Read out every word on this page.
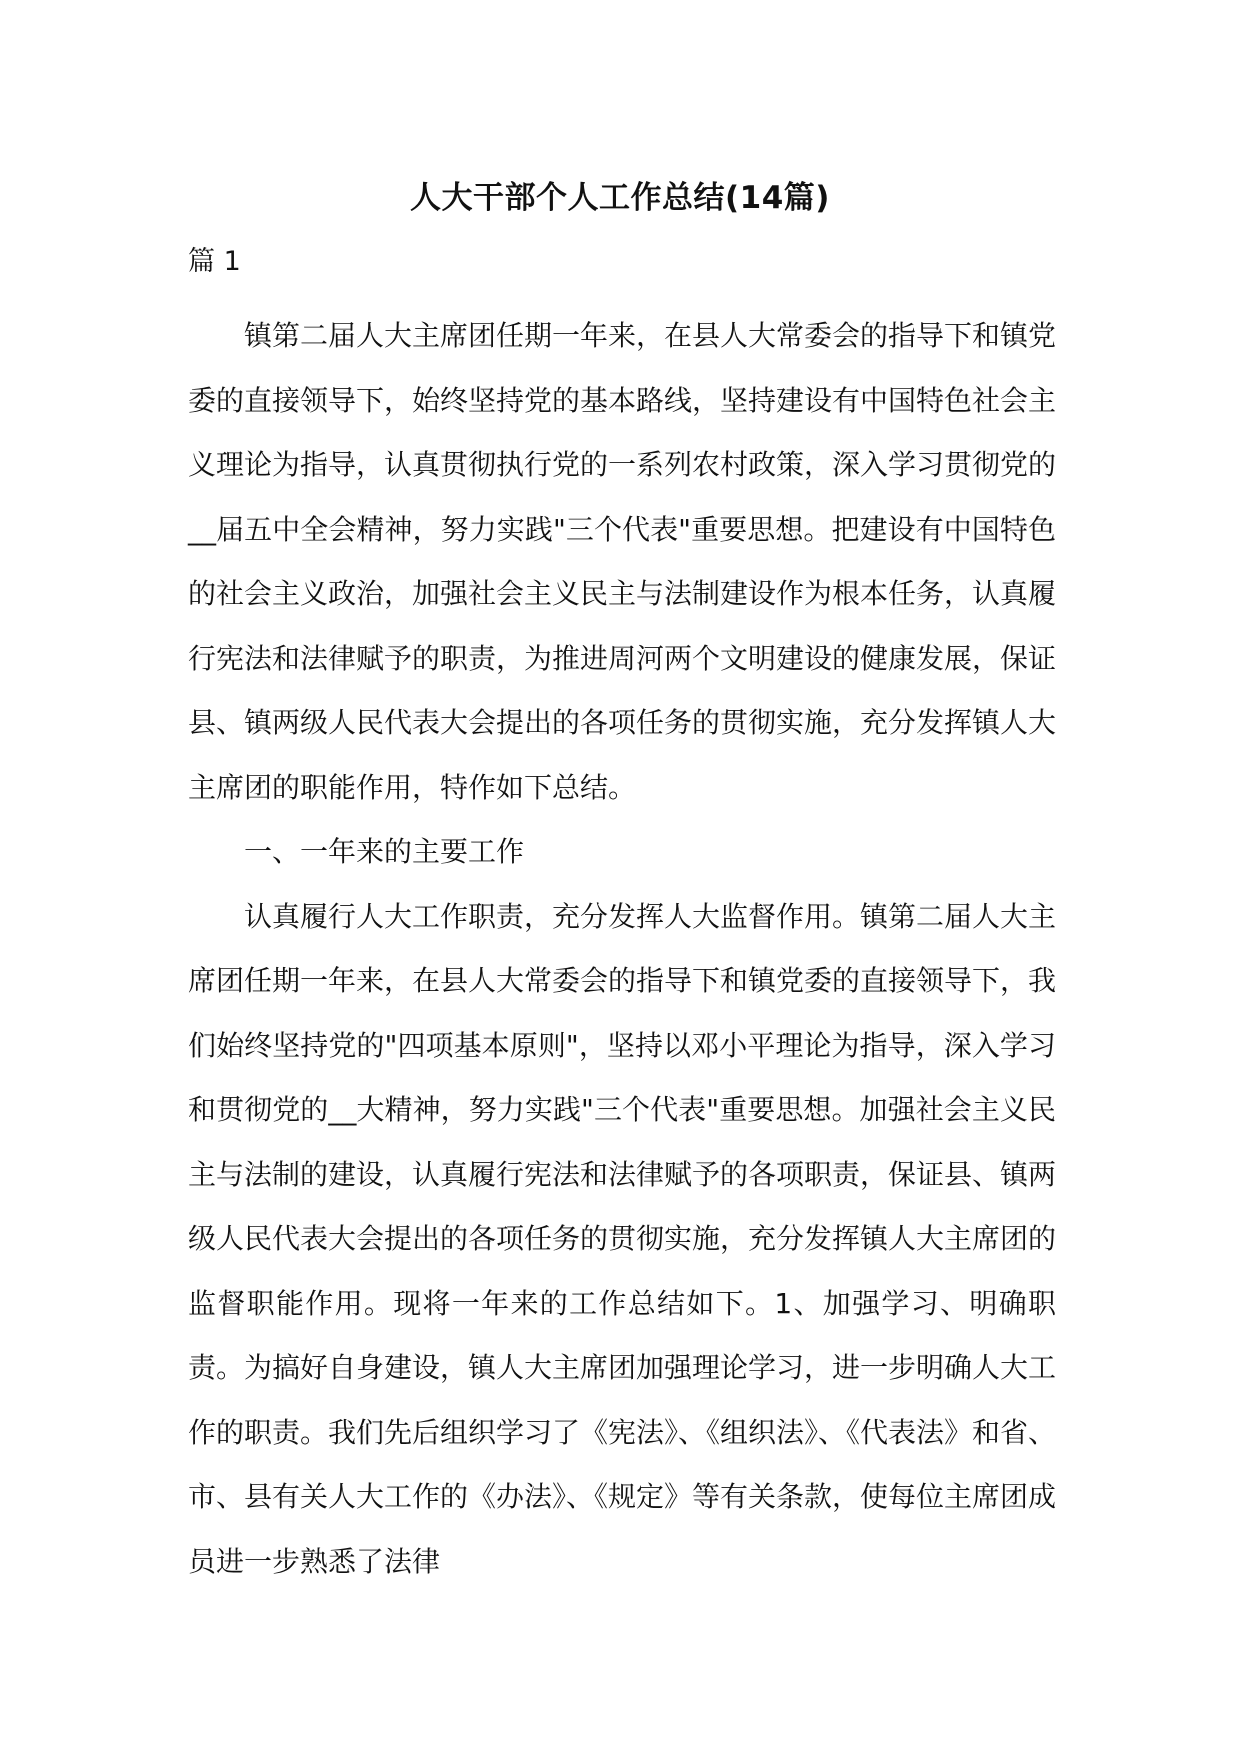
人大干部个人工作总结(14篇)
篇 1

镇第二届人大主席团任期一年来，在县人大常委会的指导下和镇党委的直接领导下，始终坚持党的基本路线，坚持建设有中国特色社会主义理论为指导，认真贯彻执行党的一系列农村政策，深入学习贯彻党的__届五中全会精神，努力实践"三个代表"重要思想。把建设有中国特色的社会主义政治，加强社会主义民主与法制建设作为根本任务，认真履行宪法和法律赋予的职责，为推进周河两个文明建设的健康发展，保证县、镇两级人民代表大会提出的各项任务的贯彻实施，充分发挥镇人大主席团的职能作用，特作如下总结。

一、一年来的主要工作

认真履行人大工作职责，充分发挥人大监督作用。镇第二届人大主席团任期一年来，在县人大常委会的指导下和镇党委的直接领导下，我们始终坚持党的"四项基本原则"，坚持以邓小平理论为指导，深入学习和贯彻党的__大精神，努力实践"三个代表"重要思想。加强社会主义民主与法制的建设，认真履行宪法和法律赋予的各项职责，保证县、镇两级人民代表大会提出的各项任务的贯彻实施，充分发挥镇人大主席团的监督职能作用。现将一年来的工作总结如下。1、加强学习、明确职责。为搞好自身建设，镇人大主席团加强理论学习，进一步明确人大工作的职责。我们先后组织学习了《宪法》、《组织法》、《代表法》和省、市、县有关人大工作的《办法》、《规定》等有关条款，使每位主席团成员进一步熟悉了法律
